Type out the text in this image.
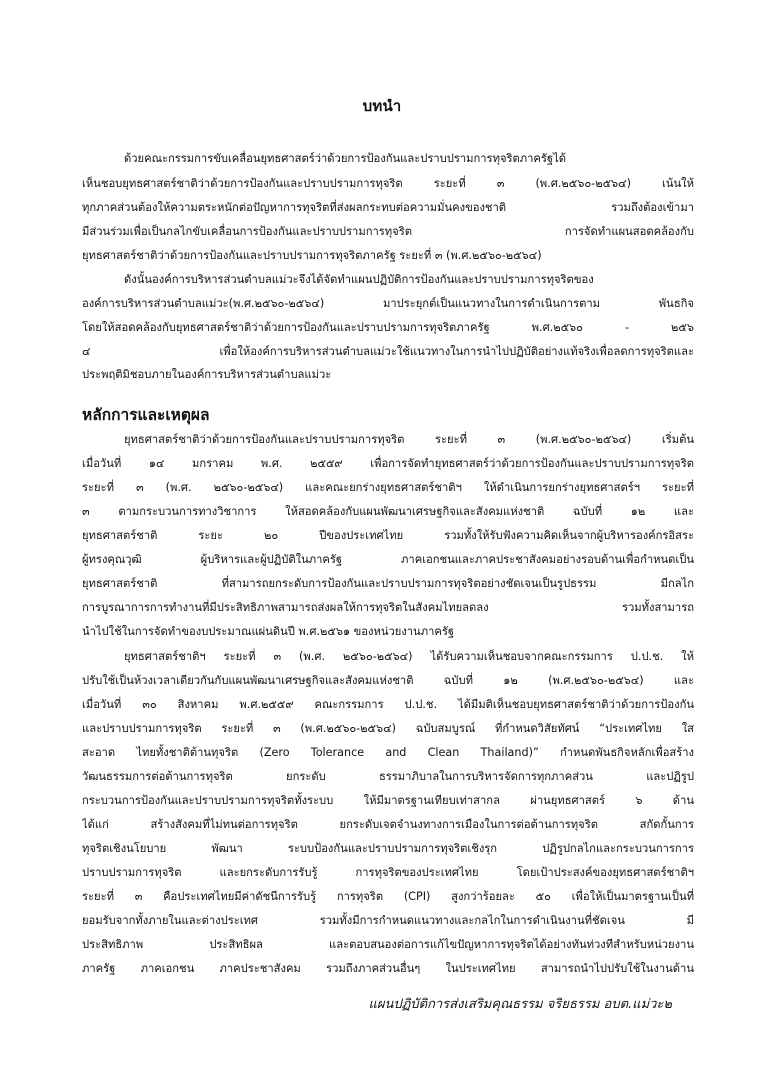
บทนำ
ด้วยคณะกรรมการขับเคลื่อนยุทธศาสตร์ว่าด้วยการป้องกันและปราบปรามการทุจริตภาครัฐได้
เห็นชอบยุทธศาสตร์ชาติว่าด้วยการป้องกันและปราบปรามการทุจริต ระยะที่ ๓ (พ.ศ.๒๕๖๐-๒๕๖๔) เน้นให้
ทุกภาคส่วนต้องให้ความตระหนักต่อปัญหาการทุจริตที่ส่งผลกระทบต่อความมั่นคงของชาติ รวมถึงต้องเข้ามา
มีส่วนร่วมเพื่อเป็นกลไกขับเคลื่อนการป้องกันและปราบปรามการทุจริต การจัดทำแผนสอดคล้องกับ
ยุทธศาสตร์ชาติว่าด้วยการป้องกันและปราบปรามการทุจริตภาครัฐ ระยะที่ ๓ (พ.ศ.๒๕๖๐-๒๕๖๔)
ดังนั้นองค์การบริหารส่วนตำบลแม่วะจึงได้จัดทำแผนปฏิบัติการป้องกันและปราบปรามการทุจริตของ
องค์การบริหารส่วนตำบลแม่วะ(พ.ศ.๒๕๖๐-๒๕๖๔) มาประยุกต์เป็นแนวทางในการดำเนินการตาม พันธกิจ
โดยให้สอดคล้องกับยุทธศาสตร์ชาติว่าด้วยการป้องกันและปราบปรามการทุจริตภาครัฐ พ.ศ.๒๕๖๐ - ๒๕๖
๔ เพื่อให้องค์การบริหารส่วนตำบลแม่วะใช้แนวทางในการนำไปปฏิบัติอย่างแท้จริงเพื่อลดการทุจริตและ
ประพฤติมิชอบภายในองค์การบริหารส่วนตำบลแม่วะ
หลักการและเหตุผล
ยุทธศาสตร์ชาติว่าด้วยการป้องกันและปราบปรามการทุจริต ระยะที่ ๓ (พ.ศ.๒๕๖๐-๒๕๖๔) เริ่มต้น
เมื่อวันที่ ๑๔ มกราคม พ.ศ. ๒๕๕๙ เพื่อการจัดทำยุทธศาสตร์ว่าด้วยการป้องกันและปราบปรามการทุจริต
ระยะที่ ๓ (พ.ศ. ๒๕๖๐-๒๕๖๔) และคณะยกร่างยุทธศาสตร์ชาติฯ ให้ดำเนินการยกร่างยุทธศาสตร์ฯ ระยะที่
๓ ตามกระบวนการทางวิชาการ ให้สอดคล้องกับแผนพัฒนาเศรษฐกิจและสังคมแห่งชาติ ฉบับที่ ๑๒ และ
ยุทธศาสตร์ชาติ ระยะ ๒๐ ปีของประเทศไทย รวมทั้งให้รับฟังความคิดเห็นจากผู้บริหารองค์กรอิสระ
ผู้ทรงคุณวุฒิ ผู้บริหารและผู้ปฏิบัติในภาครัฐ ภาคเอกชนและภาคประชาสังคมอย่างรอบด้านเพื่อกำหนดเป็น
ยุทธศาสตร์ชาติ ที่สามารถยกระดับการป้องกันและปราบปรามการทุจริตอย่างชัดเจนเป็นรูปธรรม มีกลไก
การบูรณาการการทำงานที่มีประสิทธิภาพสามารถส่งผลให้การทุจริตในสังคมไทยลดลง รวมทั้งสามารถ
นำไปใช้ในการจัดทำของบประมาณแผ่นดินปี พ.ศ.๒๕๖๑ ของหน่วยงานภาครัฐ
ยุทธศาสตร์ชาติฯ ระยะที่ ๓ (พ.ศ. ๒๕๖๐-๒๕๖๔) ได้รับความเห็นชอบจากคณะกรรมการ ป.ป.ช. ให้
ปรับใช้เป็นห้วงเวลาเดียวกันกับแผนพัฒนาเศรษฐกิจและสังคมแห่งชาติ ฉบับที่ ๑๒ (พ.ศ.๒๕๖๐-๒๕๖๔) และ
เมื่อวันที่ ๓๐ สิงหาคม พ.ศ.๒๕๕๙ คณะกรรมการ ป.ป.ช. ได้มีมติเห็นชอบยุทธศาสตร์ชาติว่าด้วยการป้องกัน
และปราบปรามการทุจริต ระยะที่ ๓ (พ.ศ.๒๕๖๐-๒๕๖๔) ฉบับสมบูรณ์ ที่กำหนดวิสัยทัศน์ “ประเทศไทย ใส
สะอาด ไทยทั้งชาติต้านทุจริต (Zero Tolerance and Clean Thailand)” กำหนดพันธกิจหลักเพื่อสร้าง
วัฒนธรรมการต่อต้านการทุจริต ยกระดับ ธรรมาภิบาลในการบริหารจัดการทุกภาคส่วน และปฏิรูป
กระบวนการป้องกันและปราบปรามการทุจริตทั้งระบบ ให้มีมาตรฐานเทียบเท่าสากล ผ่านยุทธศาสตร์ ๖ ด้าน
ได้แก่ สร้างสังคมที่ไม่ทนต่อการทุจริต ยกระดับเจตจำนงทางการเมืองในการต่อต้านการทุจริต สกัดกั้นการ
ทุจริตเชิงนโยบาย พัฒนา ระบบป้องกันและปราบปรามการทุจริตเชิงรุก ปฏิรูปกลไกและกระบวนการการ
ปราบปรามการทุจริต และยกระดับการรับรู้ การทุจริตของประเทศไทย โดยเป้าประสงค์ของยุทธศาสตร์ชาติฯ
ระยะที่ ๓ คือประเทศไทยมีค่าดัชนีการรับรู้ การทุจริต (CPI) สูงกว่าร้อยละ ๕๐ เพื่อให้เป็นมาตรฐานเป็นที่
ยอมรับจากทั้งภายในและต่างประเทศ รวมทั้งมีการกำหนดแนวทางและกลไกในการดำเนินงานที่ชัดเจน มี
ประสิทธิภาพ ประสิทธิผล และตอบสนองต่อการแก้ไขปัญหาการทุจริตได้อย่างทันท่วงทีสำหรับหน่วยงาน
ภาครัฐ ภาคเอกชน ภาคประชาสังคม รวมถึงภาคส่วนอื่นๆ ในประเทศไทย สามารถนำไปปรับใช้ในงานด้าน
แผนปฏิบัติการส่งเสริมคุณธรรม จริยธรรม อบต.แม่วะ๒
